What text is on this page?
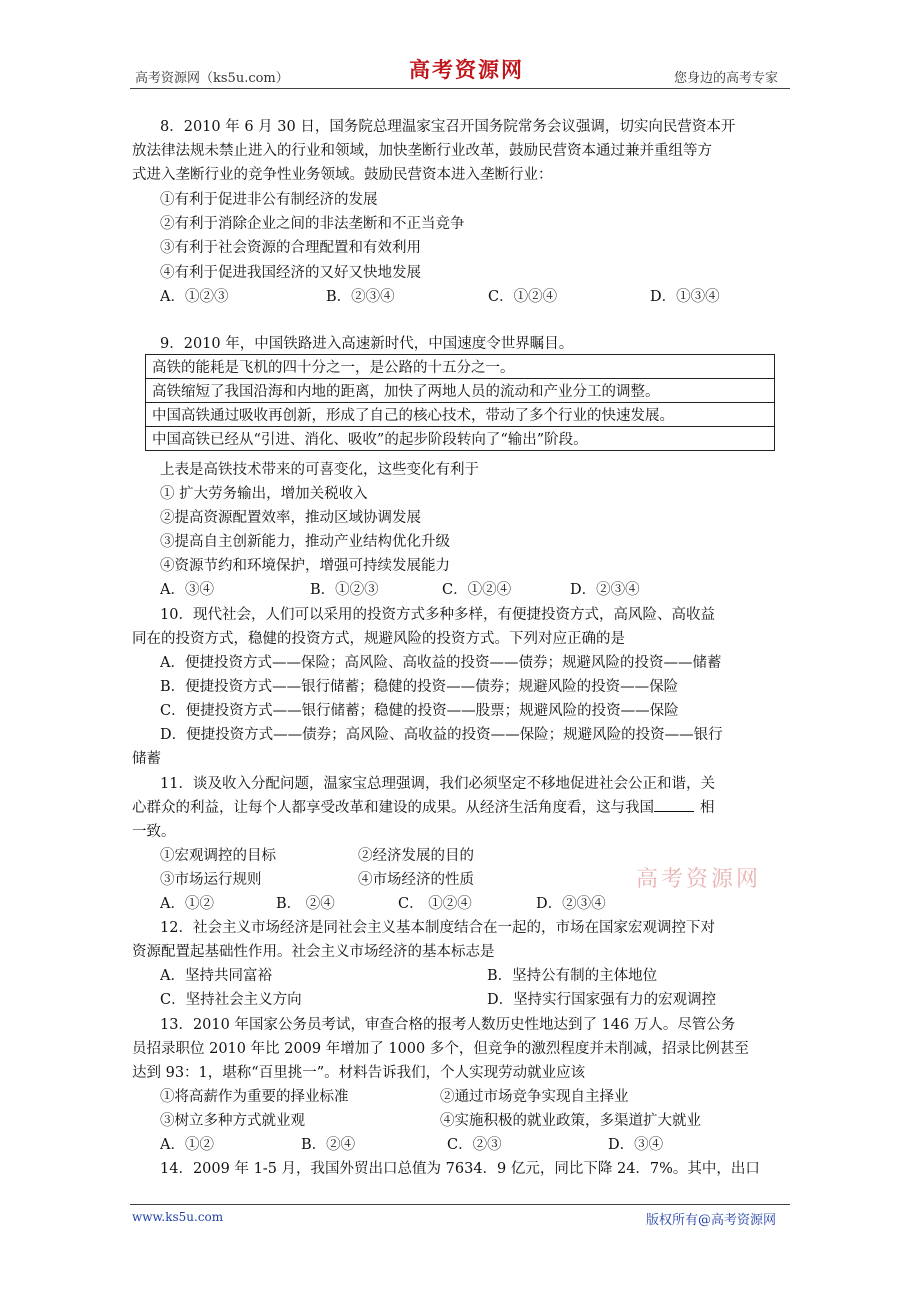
高考资源网（ks5u.com）	高考资源网	您身边的高考专家
8．2010 年 6 月 30 日，国务院总理温家宝召开国务院常务会议强调，切实向民营资本开
放法律法规未禁止进入的行业和领域，加快垄断行业改革，鼓励民营资本通过兼并重组等方
式进入垄断行业的竞争性业务领域。鼓励民营资本进入垄断行业：
①有利于促进非公有制经济的发展
②有利于消除企业之间的非法垄断和不正当竞争
③有利于社会资源的合理配置和有效利用
④有利于促进我国经济的又好又快地发展
A．①②③	B．②③④	C．①②④	D．①③④
9．2010 年，中国铁路进入高速新时代，中国速度令世界瞩目。
高铁的能耗是飞机的四十分之一，是公路的十五分之一。
高铁缩短了我国沿海和内地的距离，加快了两地人员的流动和产业分工的调整。
中国高铁通过吸收再创新，形成了自己的核心技术，带动了多个行业的快速发展。
中国高铁已经从“引进、消化、吸收”的起步阶段转向了“输出”阶段。
上表是高铁技术带来的可喜变化，这些变化有利于
① 扩大劳务输出，增加关税收入
②提高资源配置效率，推动区域协调发展
③提高自主创新能力，推动产业结构优化升级
④资源节约和环境保护，增强可持续发展能力
A．③④	B．①②③	C．①②④	D．②③④
10．现代社会，人们可以采用的投资方式多种多样，有便捷投资方式，高风险、高收益
同在的投资方式，稳健的投资方式，规避风险的投资方式。下列对应正确的是
A．便捷投资方式——保险；高风险、高收益的投资——债券；规避风险的投资——储蓄
B．便捷投资方式——银行储蓄；稳健的投资——债券；规避风险的投资——保险
C．便捷投资方式——银行储蓄；稳健的投资——股票；规避风险的投资——保险
D．便捷投资方式——债券；高风险、高收益的投资——保险；规避风险的投资——银行
储蓄
11．谈及收入分配问题，温家宝总理强调，我们必须坚定不移地促进社会公正和谐，关
心群众的利益，让每个人都享受改革和建设的成果。从经济生活角度看，这与我国	相
一致。
①宏观调控的目标	②经济发展的目的
③市场运行规则	④市场经济的性质
A．①②	B． ②④	C． ①②④	D．②③④
高考资源网
12．社会主义市场经济是同社会主义基本制度结合在一起的，市场在国家宏观调控下对
资源配置起基础性作用。社会主义市场经济的基本标志是
A．坚持共同富裕	B．坚持公有制的主体地位
C．坚持社会主义方向	D．坚持实行国家强有力的宏观调控
13．2010 年国家公务员考试，审查合格的报考人数历史性地达到了 146 万人。尽管公务
员招录职位 2010 年比 2009 年增加了 1000 多个，但竞争的激烈程度并未削减，招录比例甚至
达到 93：1，堪称“百里挑一”。材料告诉我们，个人实现劳动就业应该
①将高薪作为重要的择业标准	②通过市场竞争实现自主择业
③树立多种方式就业观	④实施积极的就业政策，多渠道扩大就业
A．①②	B．②④	C．②③	D．③④
14．2009 年 1-5 月，我国外贸出口总值为 7634．9 亿元，同比下降 24．7%。其中，出口
www.ks5u.com	版权所有@高考资源网
